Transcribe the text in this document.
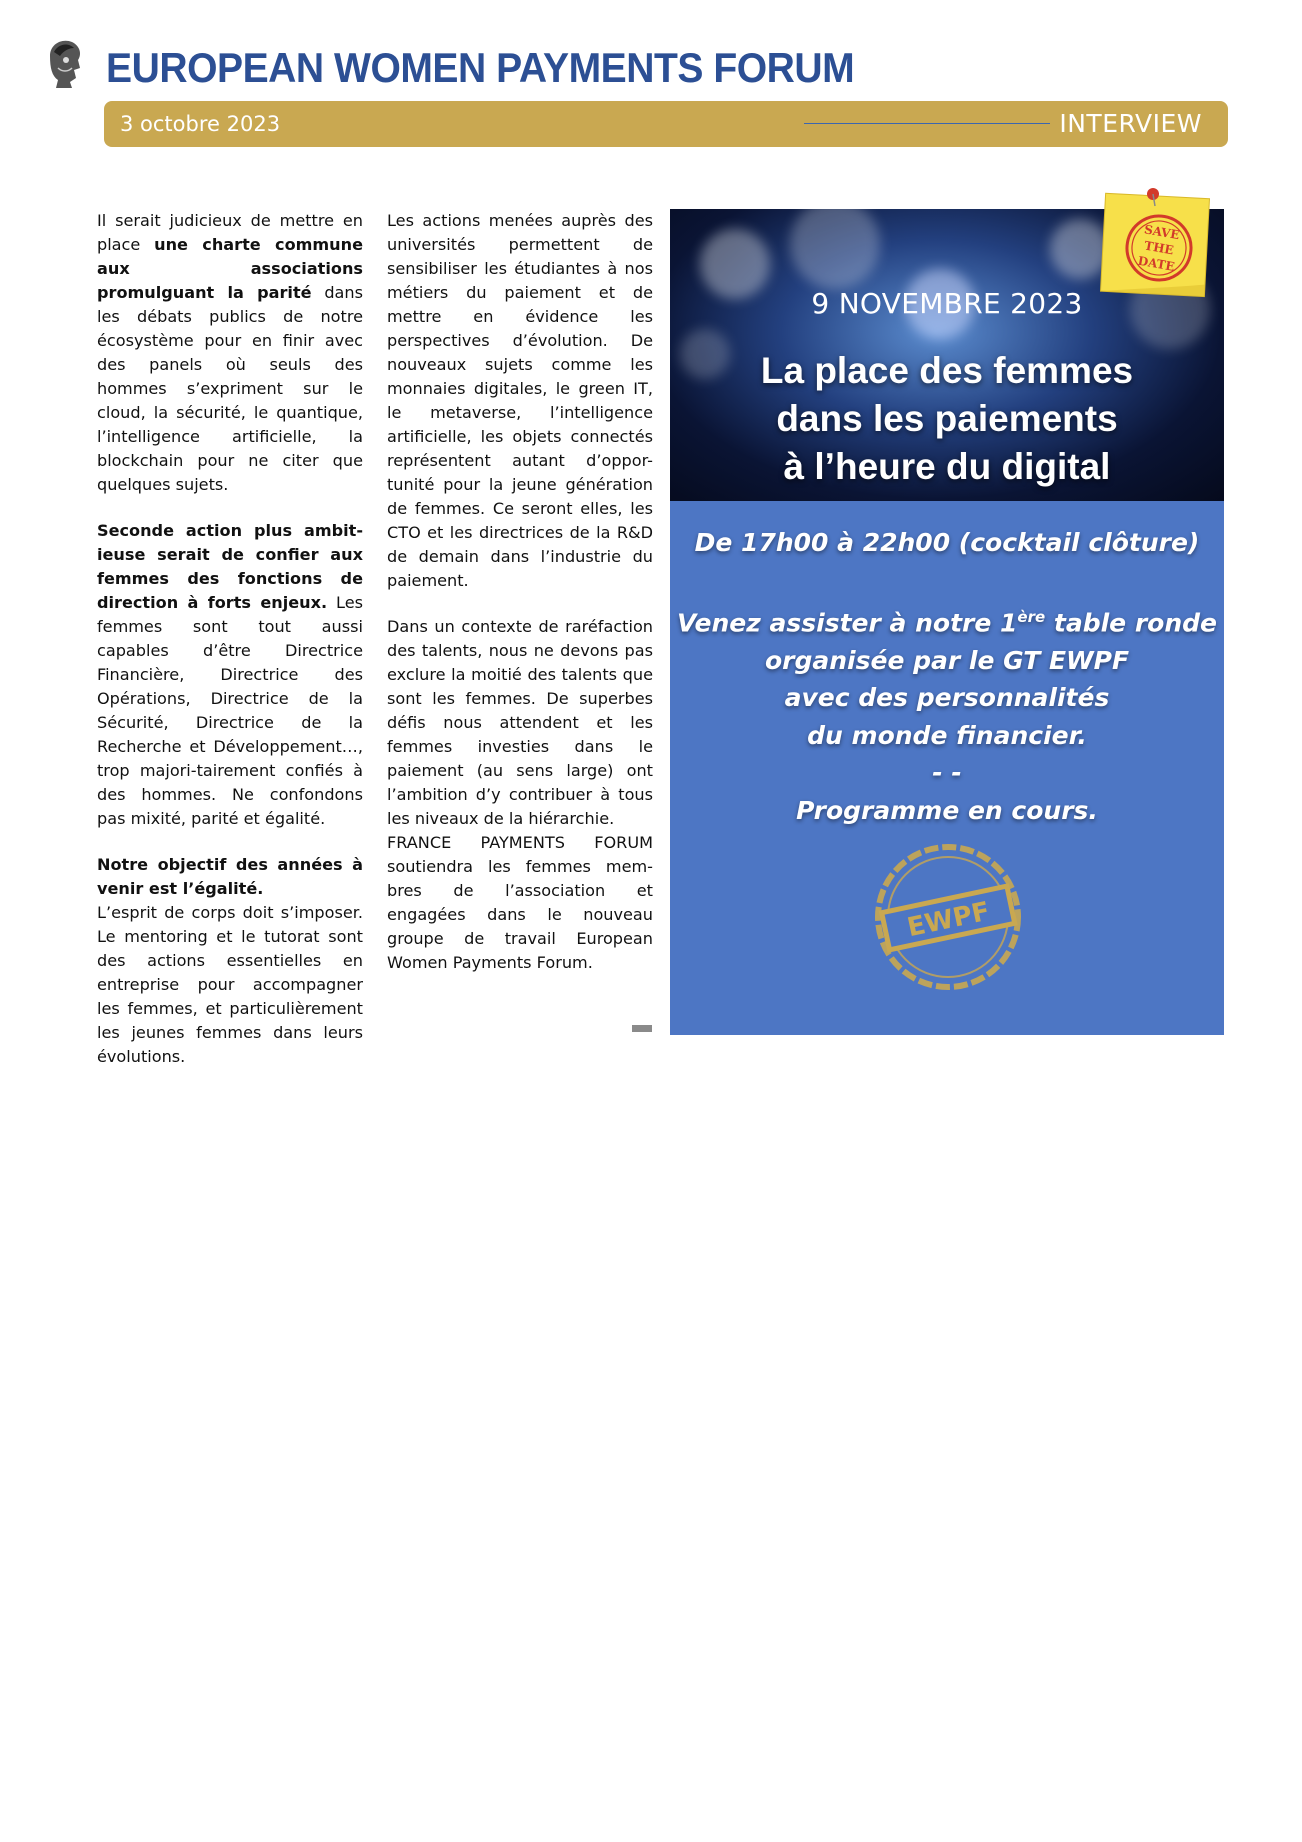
EUROPEAN WOMEN PAYMENTS FORUM
3 octobre 2023	INTERVIEW

Il serait judicieux de mettre en place une charte commune aux associations promulguant la parité dans les débats publics de notre écosystème pour en finir avec des panels où seuls des hommes s’expriment sur le cloud, la sécurité, le quantique, l’intelligence artificielle, la blockchain pour ne citer que quelques sujets.

Seconde action plus ambit-ieuse serait de confier aux femmes des fonctions de direction à forts enjeux. Les femmes sont tout aussi capables d’être Directrice Financière, Directrice des Opérations, Directrice de la Sécurité, Directrice de la Recherche et Développement…, trop majori-tairement confiés à des hommes. Ne confondons pas mixité, parité et égalité.

Notre objectif des années à venir est l’égalité.
L’esprit de corps doit s’imposer. Le mentoring et le tutorat sont des actions essentielles en entreprise pour accompagner les femmes, et particulièrement les jeunes femmes dans leurs évolutions.

Les actions menées auprès des universités permettent de sensibiliser les étudiantes à nos métiers du paiement et de mettre en évidence les perspectives d’évolution. De nouveaux sujets comme les monnaies digitales, le green IT, le metaverse, l’intelligence artificielle, les objets connectés représentent autant d’oppor-tunité pour la jeune génération de femmes. Ce seront elles, les CTO et les directrices de la R&D de demain dans l’industrie du paiement.

Dans un contexte de raréfaction des talents, nous ne devons pas exclure la moitié des talents que sont les femmes. De superbes défis nous attendent et les femmes investies dans le paiement (au sens large) ont l’ambition d’y contribuer à tous les niveaux de la hiérarchie.

FRANCE PAYMENTS FORUM soutiendra les femmes mem-bres de l’association et engagées dans le nouveau groupe de travail European Women Payments Forum.

9 NOVEMBRE 2023
La place des femmes
dans les paiements
à l’heure du digital
De 17h00 à 22h00 (cocktail clôture)
Venez assister à notre 1ère table ronde
organisée par le GT EWPF
avec des personnalités
du monde financier.
- -
Programme en cours.
EWPF
SAVE
THE
DATE
